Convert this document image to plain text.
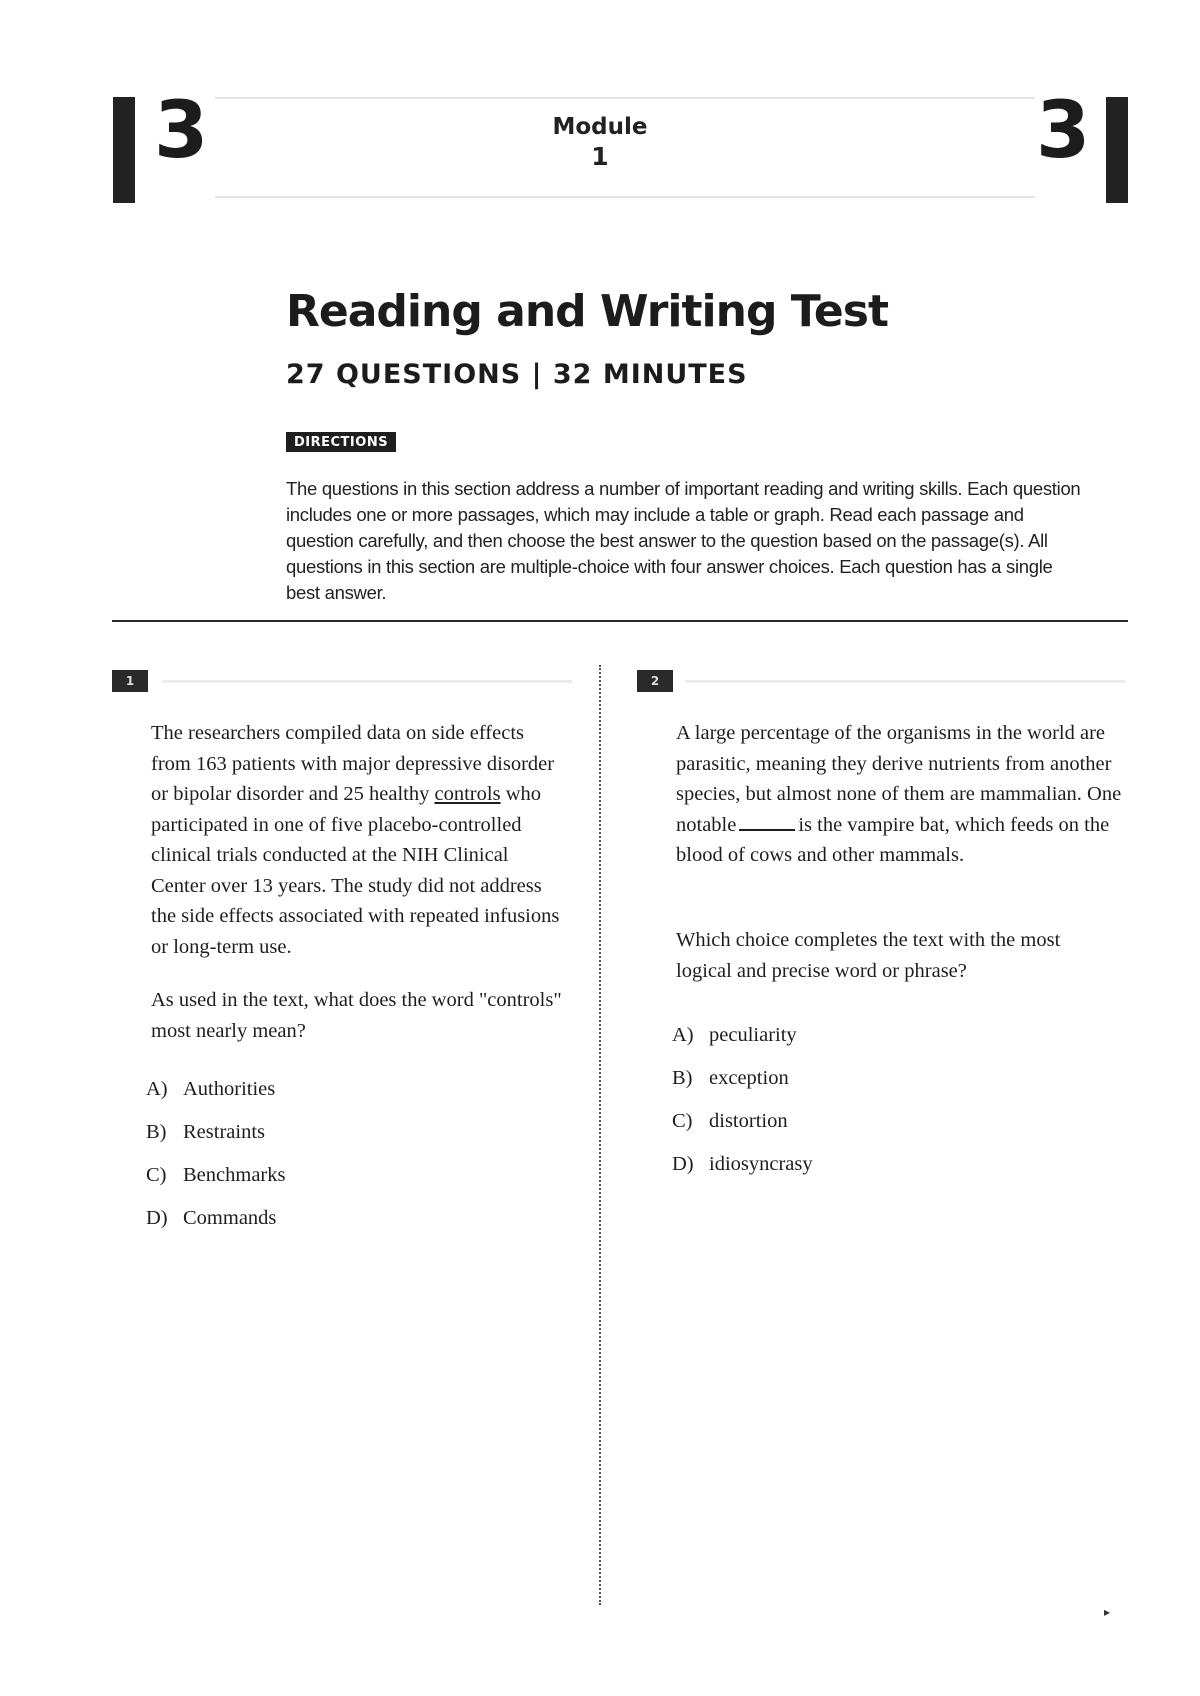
3	Module
1	3
Reading and Writing Test
27 QUESTIONS | 32 MINUTES
DIRECTIONS
The questions in this section address a number of important reading and writing skills. Each question includes one or more passages, which may include a table or graph. Read each passage and question carefully, and then choose the best answer to the question based on the passage(s). All questions in this section are multiple-choice with four answer choices. Each question has a single best answer.
1
The researchers compiled data on side effects from 163 patients with major depressive disorder or bipolar disorder and 25 healthy controls who participated in one of five placebo-controlled clinical trials conducted at the NIH Clinical Center over 13 years. The study did not address the side effects associated with repeated infusions or long-term use.
As used in the text, what does the word "controls" most nearly mean?
A) Authorities
B) Restraints
C) Benchmarks
D) Commands
2
A large percentage of the organisms in the world are parasitic, meaning they derive nutrients from another species, but almost none of them are mammalian. One notable	is the vampire bat, which feeds on the blood of cows and other mammals.
Which choice completes the text with the most logical and precise word or phrase?
A) peculiarity
B) exception
C) distortion
D) idiosyncrasy
▸
